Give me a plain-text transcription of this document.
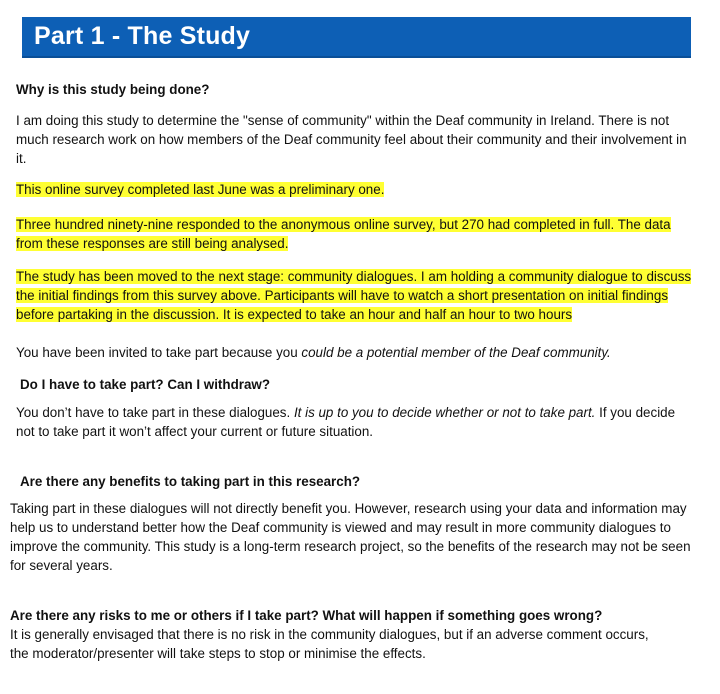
Part 1 - The Study
Why is this study being done?
I am doing this study to determine the "sense of community" within the Deaf community in Ireland. There is not much research work on how members of the Deaf community feel about their community and their involvement in it.
This online survey completed last June was a preliminary one.
Three hundred ninety-nine responded to the anonymous online survey, but 270 had completed in full. The data from these responses are still being analysed.
The study has been moved to the next stage: community dialogues. I am holding a community dialogue to discuss the initial findings from this survey above. Participants will have to watch a short presentation on initial findings before partaking in the discussion. It is expected to take an hour and half an hour to two hours
You have been invited to take part because you could be a potential member of the Deaf community.
Do I have to take part? Can I withdraw?
You don’t have to take part in these dialogues. It is up to you to decide whether or not to take part. If you decide not to take part it won’t affect your current or future situation.
Are there any benefits to taking part in this research?
Taking part in these dialogues will not directly benefit you. However, research using your data and information may help us to understand better how the Deaf community is viewed and may result in more community dialogues to improve the community. This study is a long-term research project, so the benefits of the research may not be seen for several years.
Are there any risks to me or others if I take part? What will happen if something goes wrong?
It is generally envisaged that there is no risk in the community dialogues, but if an adverse comment occurs, the moderator/presenter will take steps to stop or minimise the effects.
